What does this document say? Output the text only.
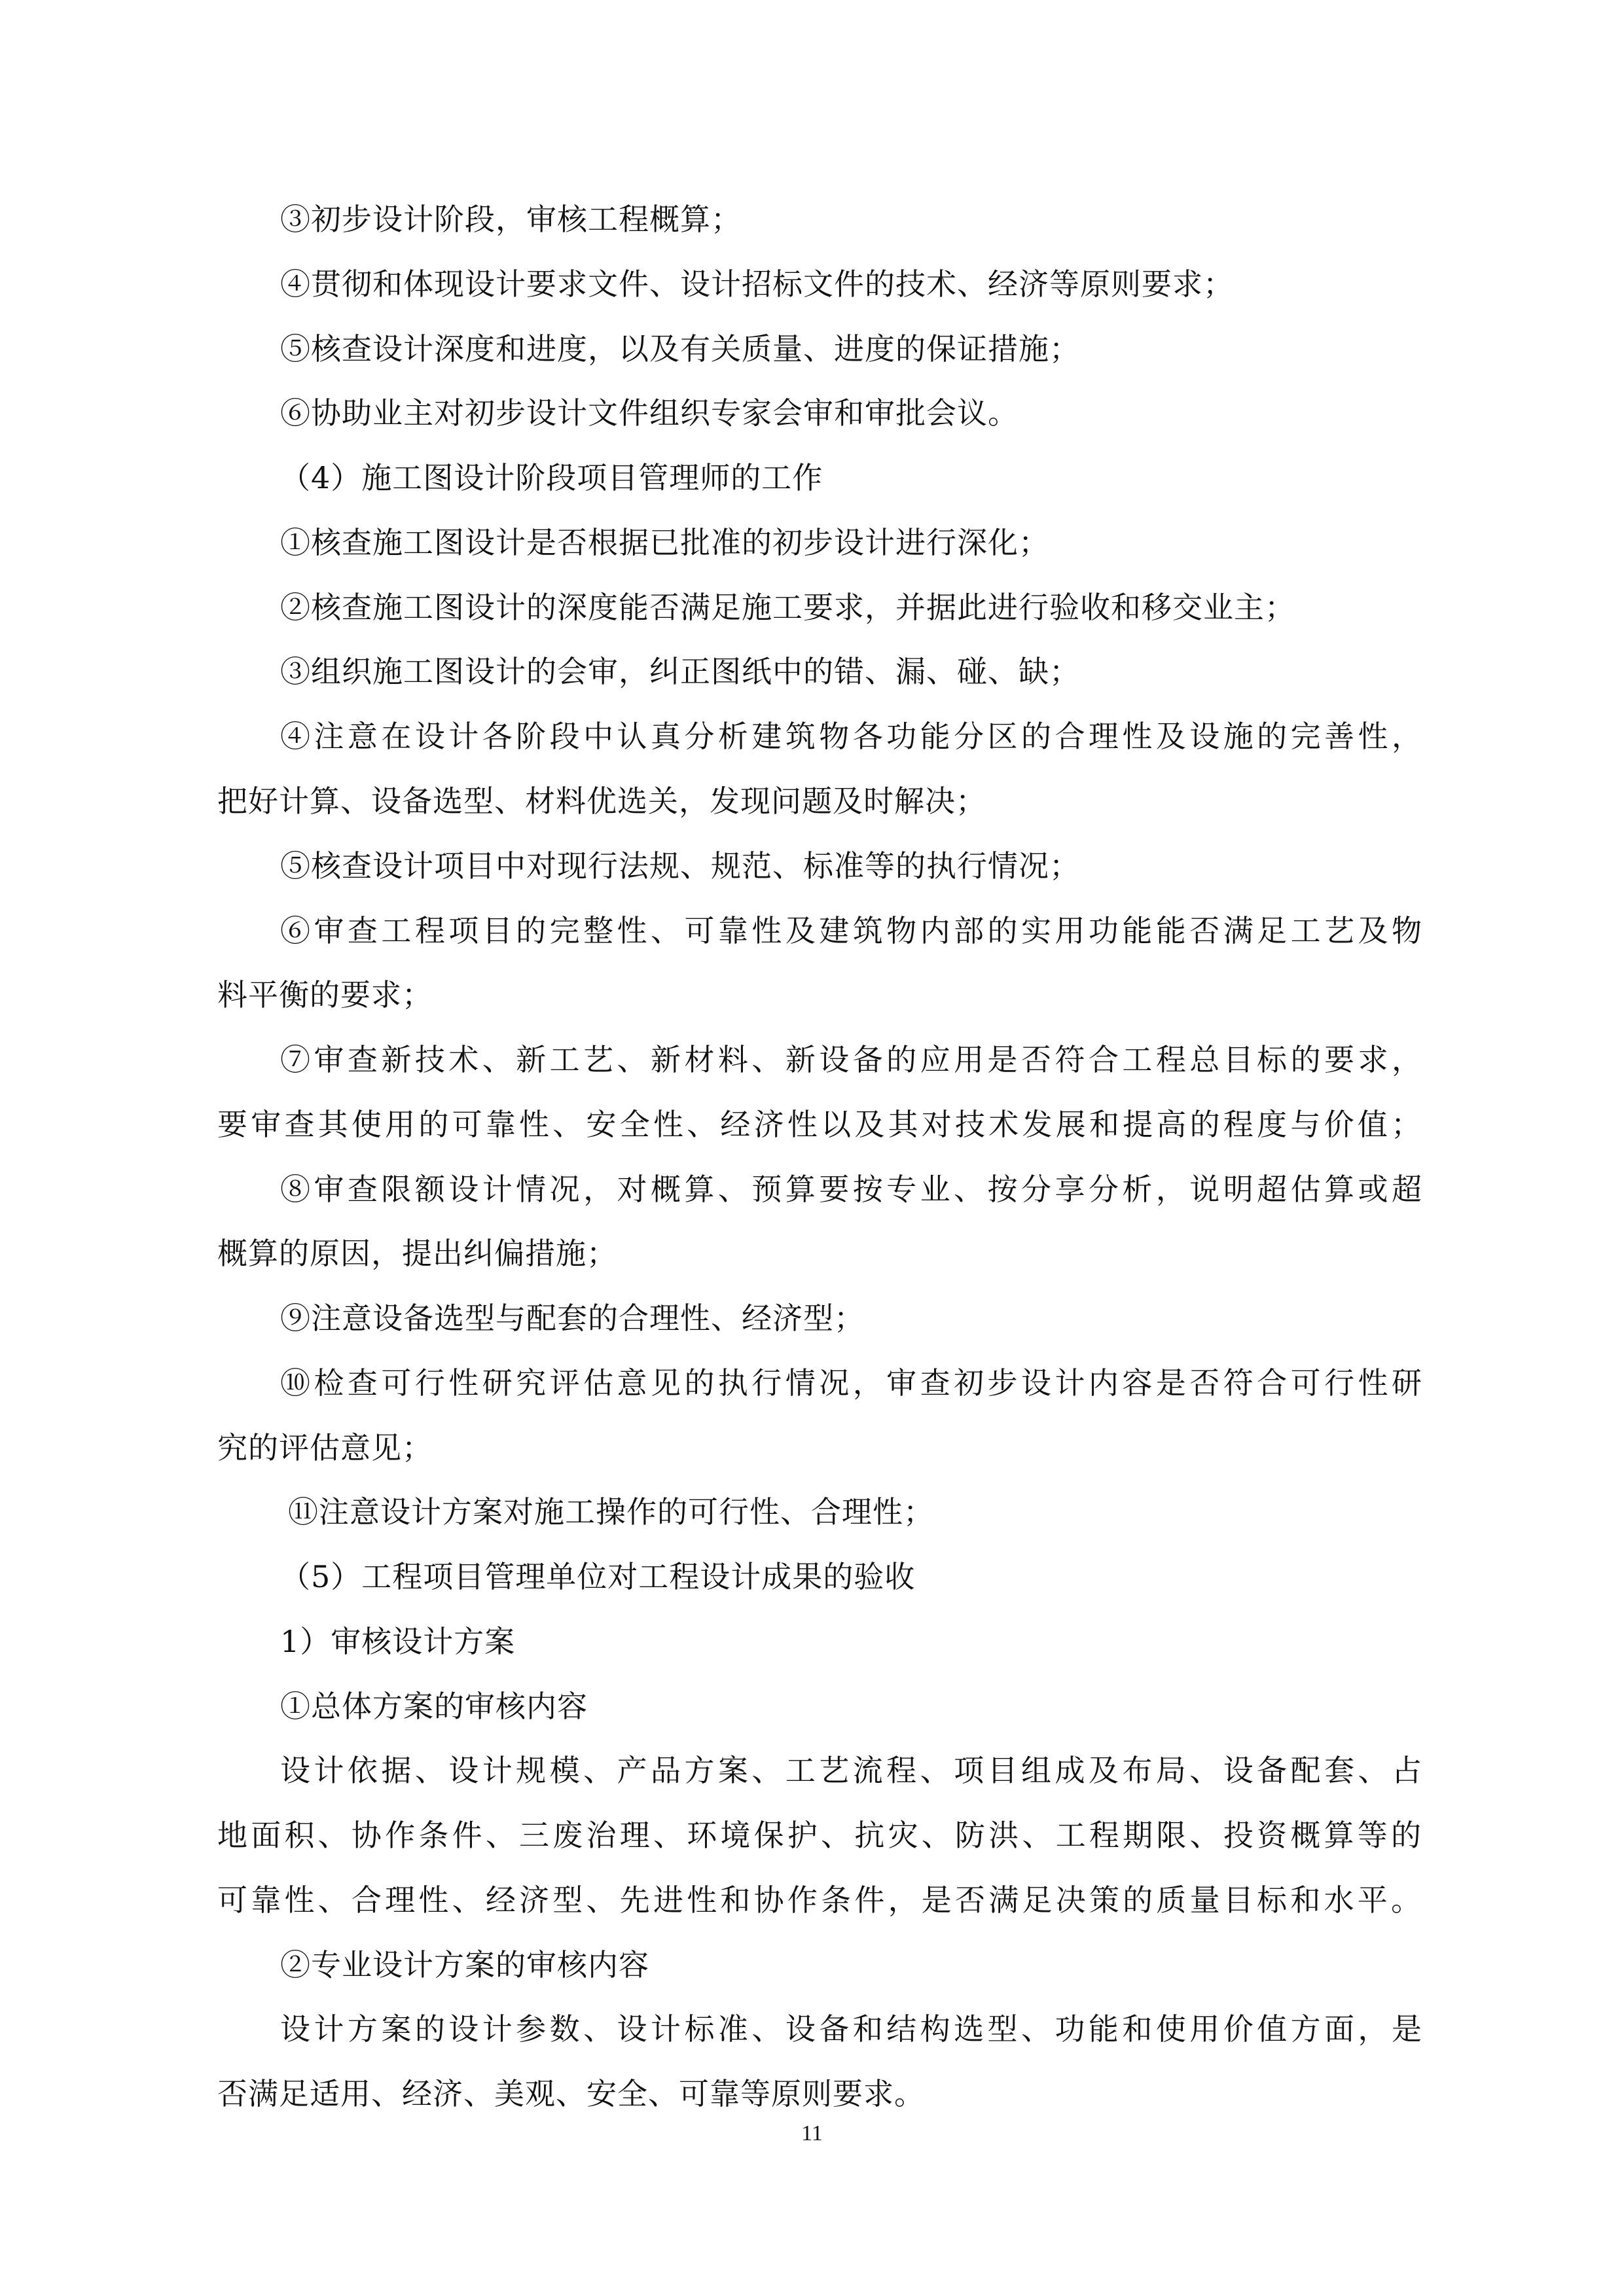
③初步设计阶段，审核工程概算；
④贯彻和体现设计要求文件、设计招标文件的技术、经济等原则要求；
⑤核查设计深度和进度，以及有关质量、进度的保证措施；
⑥协助业主对初步设计文件组织专家会审和审批会议。
（4）施工图设计阶段项目管理师的工作
①核查施工图设计是否根据已批准的初步设计进行深化；
②核查施工图设计的深度能否满足施工要求，并据此进行验收和移交业主；
③组织施工图设计的会审，纠正图纸中的错、漏、碰、缺；
④注意在设计各阶段中认真分析建筑物各功能分区的合理性及设施的完善性，
把好计算、设备选型、材料优选关，发现问题及时解决；
⑤核查设计项目中对现行法规、规范、标准等的执行情况；
⑥审查工程项目的完整性、可靠性及建筑物内部的实用功能能否满足工艺及物
料平衡的要求；
⑦审查新技术、新工艺、新材料、新设备的应用是否符合工程总目标的要求，
要审查其使用的可靠性、安全性、经济性以及其对技术发展和提高的程度与价值；
⑧审查限额设计情况，对概算、预算要按专业、按分享分析，说明超估算或超
概算的原因，提出纠偏措施；
⑨注意设备选型与配套的合理性、经济型；
⑩检查可行性研究评估意见的执行情况，审查初步设计内容是否符合可行性研
究的评估意见；
⑪注意设计方案对施工操作的可行性、合理性；
（5）工程项目管理单位对工程设计成果的验收
1）审核设计方案
①总体方案的审核内容
设计依据、设计规模、产品方案、工艺流程、项目组成及布局、设备配套、占
地面积、协作条件、三废治理、环境保护、抗灾、防洪、工程期限、投资概算等的
可靠性、合理性、经济型、先进性和协作条件，是否满足决策的质量目标和水平。
②专业设计方案的审核内容
设计方案的设计参数、设计标准、设备和结构选型、功能和使用价值方面，是
否满足适用、经济、美观、安全、可靠等原则要求。
11
